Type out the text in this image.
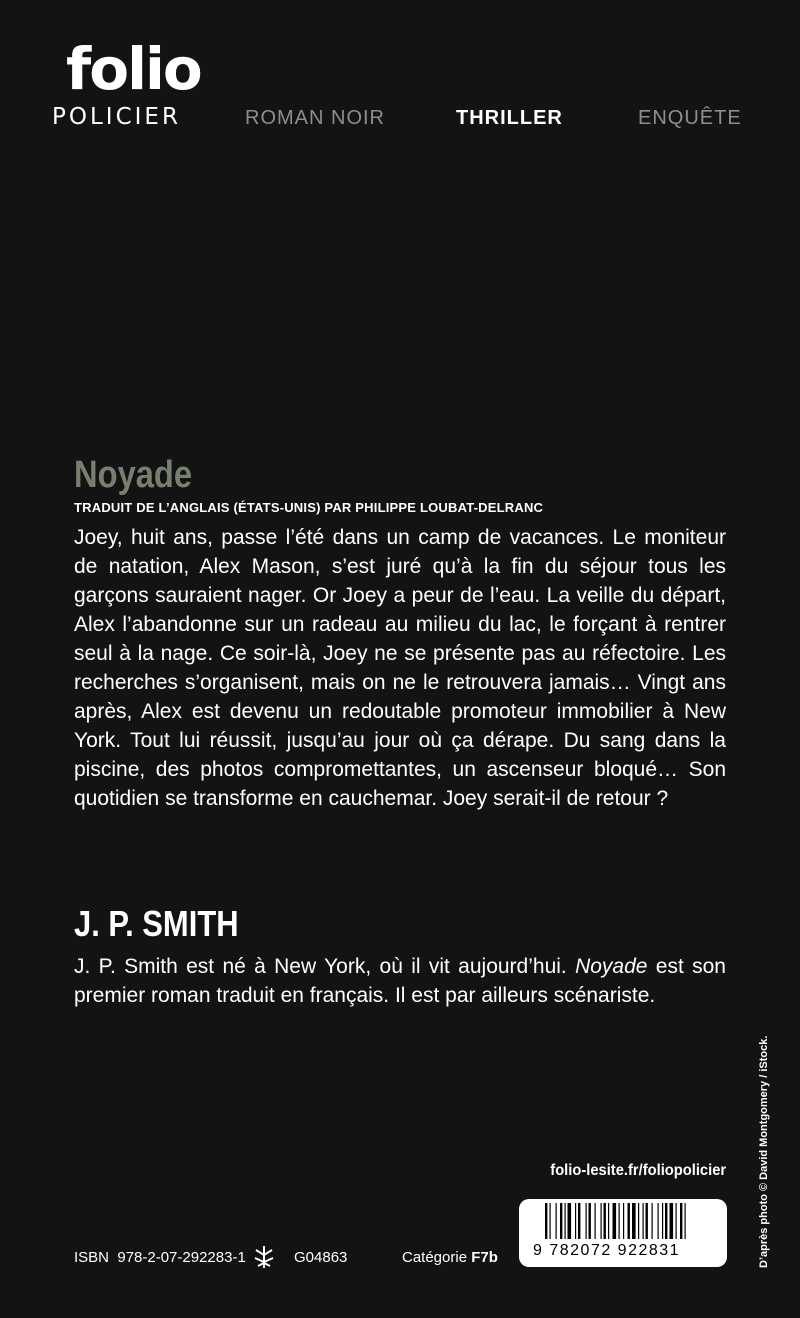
folio
POLICIER	ROMAN NOIR	THRILLER	ENQUÊTE
Noyade
TRADUIT DE L’ANGLAIS (ÉTATS-UNIS) PAR PHILIPPE LOUBAT-DELRANC
Joey, huit ans, passe l’été dans un camp de vacances. Le moniteur de natation, Alex Mason, s’est juré qu’à la fin du séjour tous les garçons sauraient nager. Or Joey a peur de l’eau. La veille du départ, Alex l’abandonne sur un radeau au milieu du lac, le forçant à rentrer seul à la nage. Ce soir-là, Joey ne se présente pas au réfectoire. Les recherches s’organisent, mais on ne le retrouvera jamais… Vingt ans après, Alex est devenu un redoutable promoteur immobilier à New York. Tout lui réussit, jusqu’au jour où ça dérape. Du sang dans la piscine, des photos compromettantes, un ascenseur bloqué… Son quotidien se transforme en cauchemar. Joey serait-il de retour ?
J. P. SMITH
J. P. Smith est né à New York, où il vit aujourd’hui. Noyade est son premier roman traduit en français. Il est par ailleurs scénariste.
folio-lesite.fr/foliopolicier	D’après photo © David Montgomery / iStock.
ISBN 978-2-07-292283-1	G04863	Catégorie F7b 9 782072 922831
